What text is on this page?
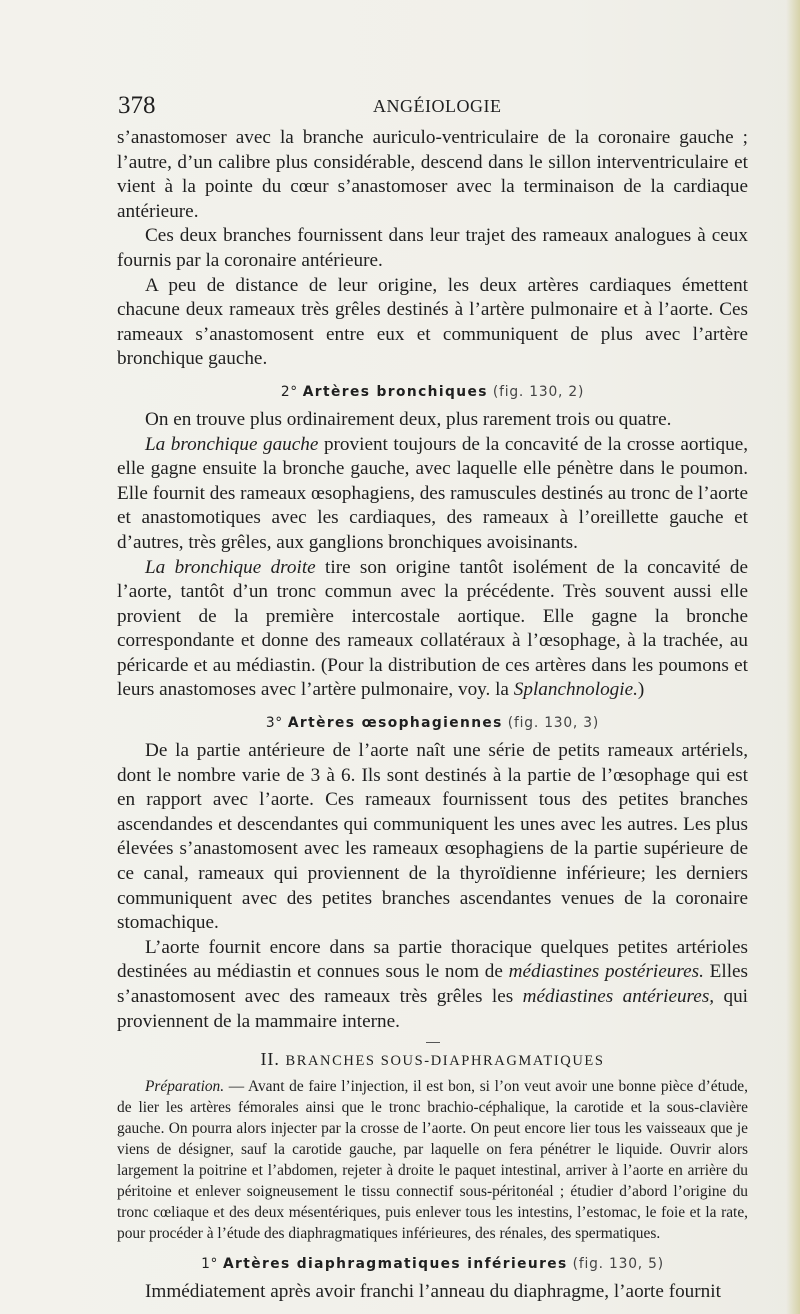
378	ANGÉIOLOGIE

s’anastomoser avec la branche auriculo-ventriculaire de la coronaire gauche ; l’autre, d’un calibre plus considérable, descend dans le sillon interventriculaire et vient à la pointe du cœur s’anastomoser avec la terminaison de la cardiaque antérieure.

Ces deux branches fournissent dans leur trajet des rameaux analogues à ceux fournis par la coronaire antérieure.

A peu de distance de leur origine, les deux artères cardiaques émettent chacune deux rameaux très grêles destinés à l’artère pulmonaire et à l’aorte. Ces rameaux s’anastomosent entre eux et communiquent de plus avec l’artère bronchique gauche.

2° Artères bronchiques (fig. 130, 2)

On en trouve plus ordinairement deux, plus rarement trois ou quatre.

La bronchique gauche provient toujours de la concavité de la crosse aortique, elle gagne ensuite la bronche gauche, avec laquelle elle pénètre dans le poumon. Elle fournit des rameaux œsophagiens, des ramuscules destinés au tronc de l’aorte et anastomotiques avec les cardiaques, des rameaux à l’oreillette gauche et d’autres, très grêles, aux ganglions bronchiques avoisinants.

La bronchique droite tire son origine tantôt isolément de la concavité de l’aorte, tantôt d’un tronc commun avec la précédente. Très souvent aussi elle provient de la première intercostale aortique. Elle gagne la bronche correspondante et donne des rameaux collatéraux à l’œsophage, à la trachée, au péricarde et au médiastin. (Pour la distribution de ces artères dans les poumons et leurs anastomoses avec l’artère pulmonaire, voy. la Splanchnologie.)

3° Artères œsophagiennes (fig. 130, 3)

De la partie antérieure de l’aorte naît une série de petits rameaux artériels, dont le nombre varie de 3 à 6. Ils sont destinés à la partie de l’œsophage qui est en rapport avec l’aorte. Ces rameaux fournissent tous des petites branches ascendandes et descendantes qui communiquent les unes avec les autres. Les plus élevées s’anastomosent avec les rameaux œsophagiens de la partie supérieure de ce canal, rameaux qui proviennent de la thyroïdienne inférieure; les derniers communiquent avec des petites branches ascendantes venues de la coronaire stomachique.

L’aorte fournit encore dans sa partie thoracique quelques petites artérioles destinées au médiastin et connues sous le nom de médiastines postérieures. Elles s’anastomosent avec des rameaux très grêles les médiastines antérieures, qui proviennent de la mammaire interne.

II. BRANCHES SOUS-DIAPHRAGMATIQUES

Préparation. — Avant de faire l’injection, il est bon, si l’on veut avoir une bonne pièce d’étude, de lier les artères fémorales ainsi que le tronc brachio-céphalique, la carotide et la sous-clavière gauche. On pourra alors injecter par la crosse de l’aorte. On peut encore lier tous les vaisseaux que je viens de désigner, sauf la carotide gauche, par laquelle on fera pénétrer le liquide. Ouvrir alors largement la poitrine et l’abdomen, rejeter à droite le paquet intestinal, arriver à l’aorte en arrière du péritoine et enlever soigneusement le tissu connectif sous-péritonéal ; étudier d’abord l’origine du tronc cœliaque et des deux mésentériques, puis enlever tous les intestins, l’estomac, le foie et la rate, pour procéder à l’étude des diaphragmatiques inférieures, des rénales, des spermatiques.

1° Artères diaphragmatiques inférieures (fig. 130, 5)

Immédiatement après avoir franchi l’anneau du diaphragme, l’aorte fournit
